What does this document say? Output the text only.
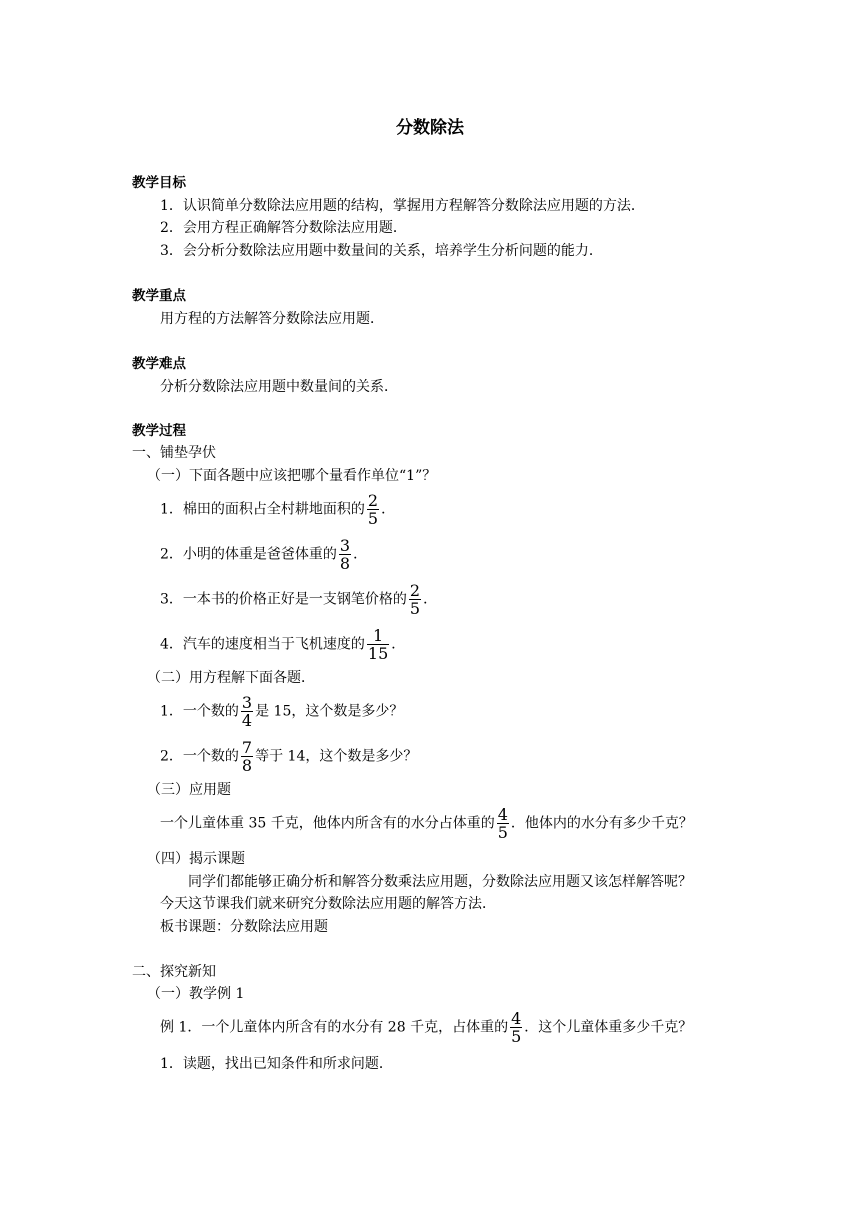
分数除法
教学目标
1．认识简单分数除法应用题的结构，掌握用方程解答分数除法应用题的方法．
2．会用方程正确解答分数除法应用题．
3．会分析分数除法应用题中数量间的关系，培养学生分析问题的能力．
教学重点
用方程的方法解答分数除法应用题．
教学难点
分析分数除法应用题中数量间的关系．
教学过程
一、铺垫孕伏
（一）下面各题中应该把哪个量看作单位“1”？
1．棉田的面积占全村耕地面积的 $\frac{2}{5}$ ．
2．小明的体重是爸爸体重的 $\frac{3}{8}$ ．
3．一本书的价格正好是一支钢笔价格的 $\frac{2}{5}$ ．
4．汽车的速度相当于飞机速度的 $\frac{1}{15}$ ．
（二）用方程解下面各题．
1．一个数的 $\frac{3}{4}$ 是 15，这个数是多少？
2．一个数的 $\frac{7}{8}$ 等于 14，这个数是多少？
（三）应用题
一个儿童体重 35 千克，他体内所含有的水分占体重的 $\frac{4}{5}$ ．他体内的水分有多少千克？
（四）揭示课题
同学们都能够正确分析和解答分数乘法应用题，分数除法应用题又该怎样解答呢？
今天这节课我们就来研究分数除法应用题的解答方法．
板书课题：分数除法应用题
二、探究新知
（一）教学例 1
例 1．一个儿童体内所含有的水分有 28 千克，占体重的 $\frac{4}{5}$ ．这个儿童体重多少千克？
1．读题，找出已知条件和所求问题．
